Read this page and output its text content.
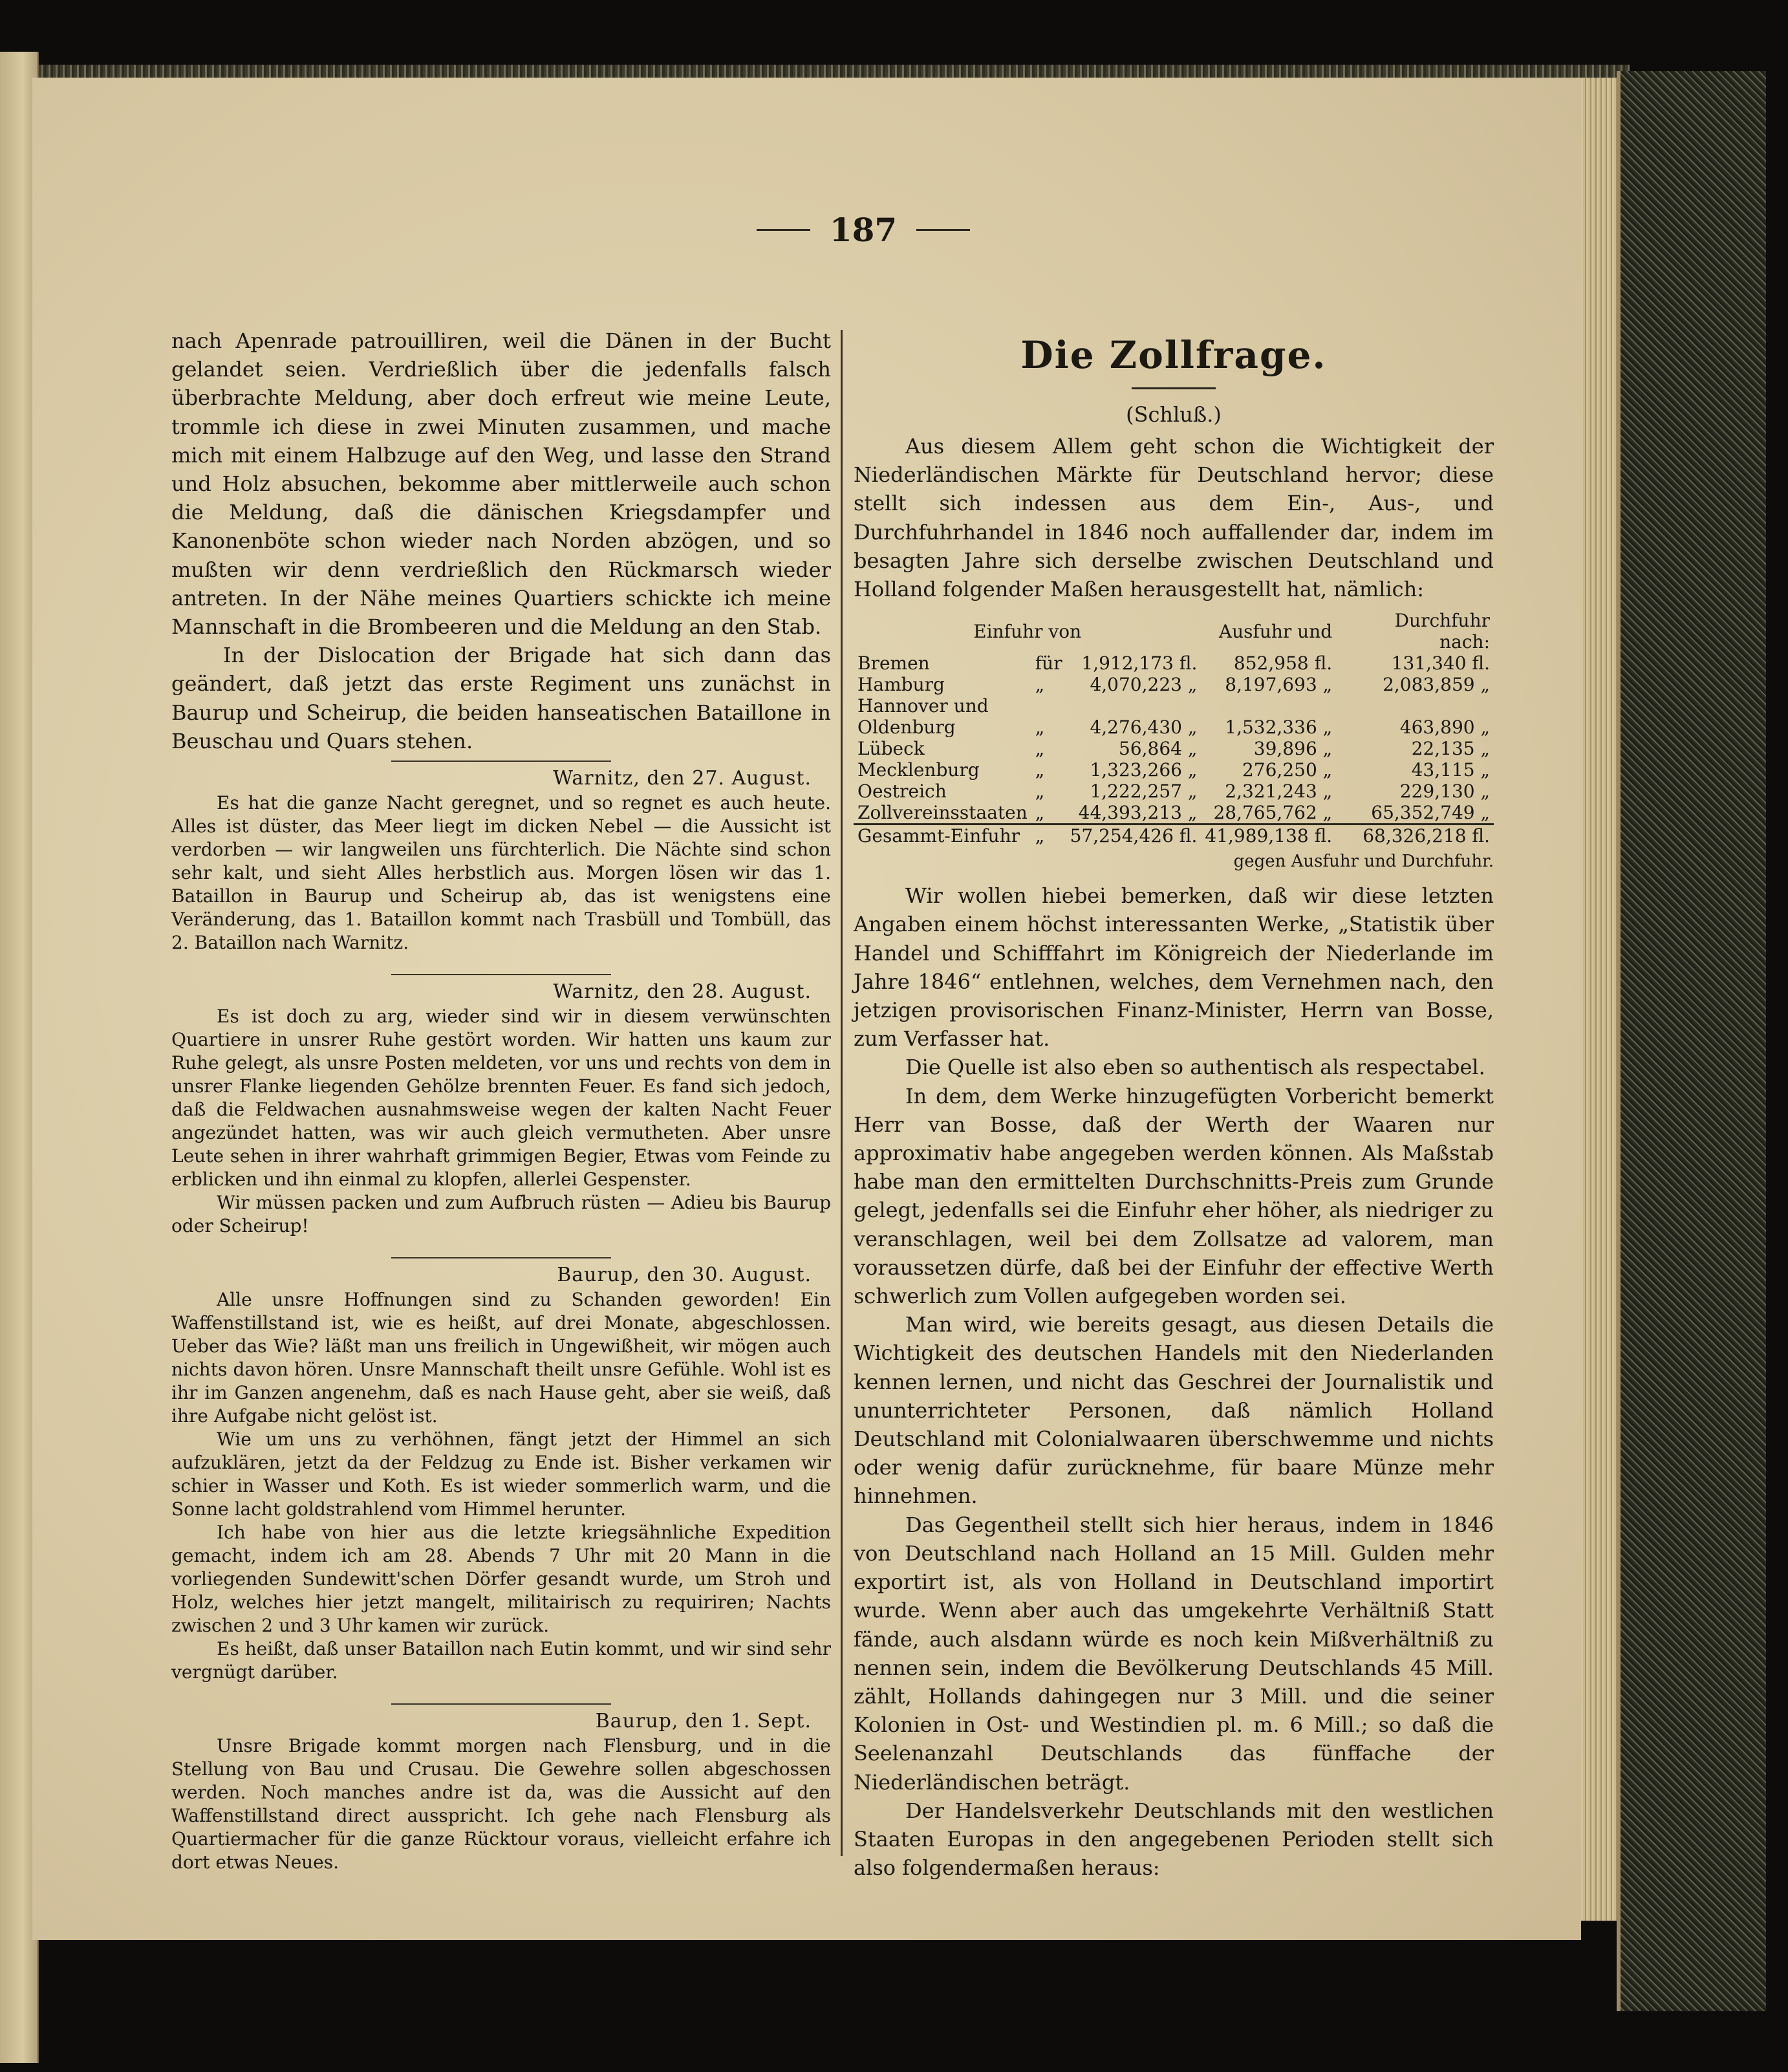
187

nach Apenrade patrouilliren, weil die Dänen in der Bucht gelandet seien. Verdrießlich über die jedenfalls falsch überbrachte Meldung, aber doch erfreut wie meine Leute, trommle ich diese in zwei Minuten zusammen, und mache mich mit einem Halbzuge auf den Weg, und lasse den Strand und Holz absuchen, bekomme aber mittlerweile auch schon die Meldung, daß die dänischen Kriegsdampfer und Kanonenböte schon wieder nach Norden abzögen, und so mußten wir denn verdrießlich den Rückmarsch wieder antreten. In der Nähe meines Quartiers schickte ich meine Mannschaft in die Brombeeren und die Meldung an den Stab.

In der Dislocation der Brigade hat sich dann das geändert, daß jetzt das erste Regiment uns zunächst in Baurup und Scheirup, die beiden hanseatischen Bataillone in Beuschau und Quars stehen.

Warnitz, den 27. August.

Es hat die ganze Nacht geregnet, und so regnet es auch heute. Alles ist düster, das Meer liegt im dicken Nebel — die Aussicht ist verdorben — wir langweilen uns fürchterlich. Die Nächte sind schon sehr kalt, und sieht Alles herbstlich aus. Morgen lösen wir das 1. Bataillon in Baurup und Scheirup ab, das ist wenigstens eine Veränderung, das 1. Bataillon kommt nach Trasbüll und Tombüll, das 2. Bataillon nach Warnitz.

Warnitz, den 28. August.

Es ist doch zu arg, wieder sind wir in diesem verwünschten Quartiere in unsrer Ruhe gestört worden. Wir hatten uns kaum zur Ruhe gelegt, als unsre Posten meldeten, vor uns und rechts von dem in unsrer Flanke liegenden Gehölze brennten Feuer. Es fand sich jedoch, daß die Feldwachen ausnahmsweise wegen der kalten Nacht Feuer angezündet hatten, was wir auch gleich vermutheten. Aber unsre Leute sehen in ihrer wahrhaft grimmigen Begier, Etwas vom Feinde zu erblicken und ihn einmal zu klopfen, allerlei Gespenster.

Wir müssen packen und zum Aufbruch rüsten — Adieu bis Baurup oder Scheirup!

Baurup, den 30. August.

Alle unsre Hoffnungen sind zu Schanden geworden! Ein Waffenstillstand ist, wie es heißt, auf drei Monate, abgeschlossen. Ueber das Wie? läßt man uns freilich in Ungewißheit, wir mögen auch nichts davon hören. Unsre Mannschaft theilt unsre Gefühle. Wohl ist es ihr im Ganzen angenehm, daß es nach Hause geht, aber sie weiß, daß ihre Aufgabe nicht gelöst ist.

Wie um uns zu verhöhnen, fängt jetzt der Himmel an sich aufzuklären, jetzt da der Feldzug zu Ende ist. Bisher verkamen wir schier in Wasser und Koth. Es ist wieder sommerlich warm, und die Sonne lacht goldstrahlend vom Himmel herunter.

Ich habe von hier aus die letzte kriegsähnliche Expedition gemacht, indem ich am 28. Abends 7 Uhr mit 20 Mann in die vorliegenden Sundewitt'schen Dörfer gesandt wurde, um Stroh und Holz, welches hier jetzt mangelt, militairisch zu requiriren; Nachts zwischen 2 und 3 Uhr kamen wir zurück.

Es heißt, daß unser Bataillon nach Eutin kommt, und wir sind sehr vergnügt darüber.

Baurup, den 1. Sept.

Unsre Brigade kommt morgen nach Flensburg, und in die Stellung von Bau und Crusau. Die Gewehre sollen abgeschossen werden. Noch manches andre ist da, was die Aussicht auf den Waffenstillstand direct ausspricht. Ich gehe nach Flensburg als Quartiermacher für die ganze Rücktour voraus, vielleicht erfahre ich dort etwas Neues.

Die Zollfrage.
(Schluß.)

Aus diesem Allem geht schon die Wichtigkeit der Niederländischen Märkte für Deutschland hervor; diese stellt sich indessen aus dem Ein-, Aus-, und Durchfuhrhandel in 1846 noch auffallender dar, indem im besagten Jahre sich derselbe zwischen Deutschland und Holland folgender Maßen herausgestellt hat, nämlich:

Einfuhr von			Ausfuhr und	Durchfuhr nach:
Bremen	für	1,912,173 fl.	852,958 fl.	131,340 fl.
Hamburg	„	4,070,223 „	8,197,693 „	2,083,859 „
Hannover und				
Oldenburg	„	4,276,430 „	1,532,336 „	463,890 „
Lübeck	„	56,864 „	39,896 „	22,135 „
Mecklenburg	„	1,323,266 „	276,250 „	43,115 „
Oestreich	„	1,222,257 „	2,321,243 „	229,130 „
Zollvereinsstaaten	„	44,393,213 „	28,765,762 „	65,352,749 „
Gesammt-Einfuhr	„	57,254,426 fl.	41,989,138 fl.	68,326,218 fl.
gegen Ausfuhr und Durchfuhr.

Wir wollen hiebei bemerken, daß wir diese letzten Angaben einem höchst interessanten Werke, „Statistik über Handel und Schifffahrt im Königreich der Niederlande im Jahre 1846“ entlehnen, welches, dem Vernehmen nach, den jetzigen provisorischen Finanz-Minister, Herrn van Bosse, zum Verfasser hat.

Die Quelle ist also eben so authentisch als respectabel.

In dem, dem Werke hinzugefügten Vorbericht bemerkt Herr van Bosse, daß der Werth der Waaren nur approximativ habe angegeben werden können. Als Maßstab habe man den ermittelten Durchschnitts-Preis zum Grunde gelegt, jedenfalls sei die Einfuhr eher höher, als niedriger zu veranschlagen, weil bei dem Zollsatze ad valorem, man voraussetzen dürfe, daß bei der Einfuhr der effective Werth schwerlich zum Vollen aufgegeben worden sei.

Man wird, wie bereits gesagt, aus diesen Details die Wichtigkeit des deutschen Handels mit den Niederlanden kennen lernen, und nicht das Geschrei der Journalistik und ununterrichteter Personen, daß nämlich Holland Deutschland mit Colonialwaaren überschwemme und nichts oder wenig dafür zurücknehme, für baare Münze mehr hinnehmen.

Das Gegentheil stellt sich hier heraus, indem in 1846 von Deutschland nach Holland an 15 Mill. Gulden mehr exportirt ist, als von Holland in Deutschland importirt wurde. Wenn aber auch das umgekehrte Verhältniß Statt fände, auch alsdann würde es noch kein Mißverhältniß zu nennen sein, indem die Bevölkerung Deutschlands 45 Mill. zählt, Hollands dahingegen nur 3 Mill. und die seiner Kolonien in Ost- und Westindien pl. m. 6 Mill.; so daß die Seelenanzahl Deutschlands das fünffache der Niederländischen beträgt.

Der Handelsverkehr Deutschlands mit den westlichen Staaten Europas in den angegebenen Perioden stellt sich also folgendermaßen heraus:
